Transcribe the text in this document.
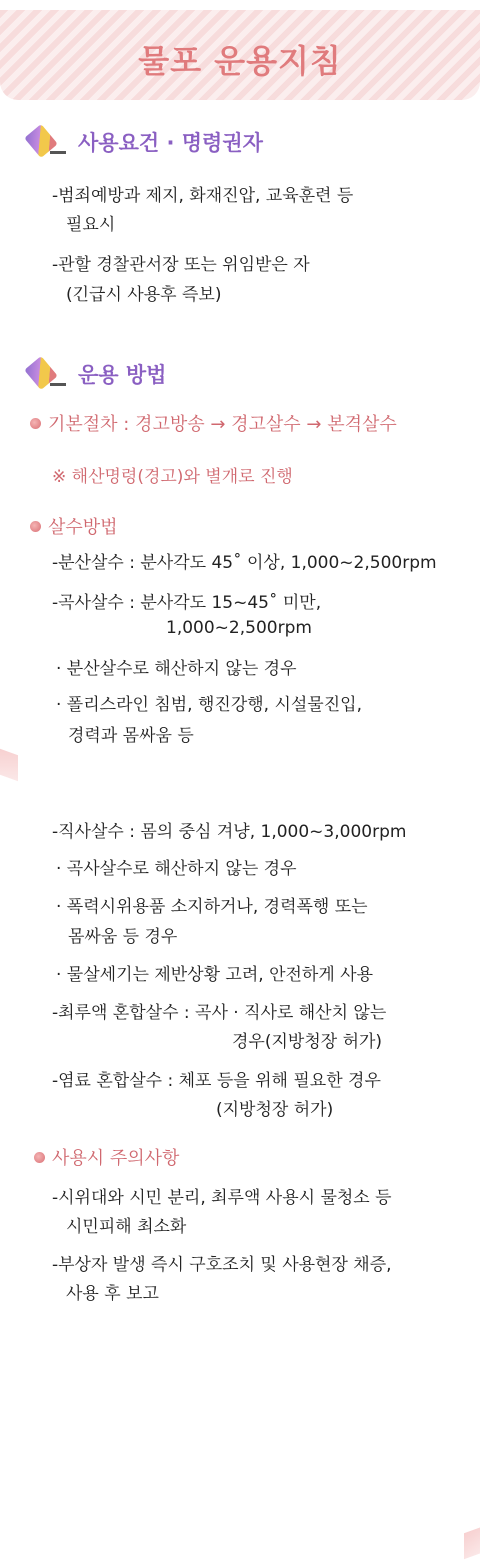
물포 운용지침
사용요건 · 명령권자
-범죄예방과 제지, 화재진압, 교육훈련 등
필요시
-관할 경찰관서장 또는 위임받은 자
(긴급시 사용후 즉보)
운용 방법
기본절차 : 경고방송 → 경고살수 → 본격살수
※ 해산명령(경고)와 별개로 진행
살수방법
-분산살수 : 분사각도 45˚ 이상, 1,000~2,500rpm
-곡사살수 : 분사각도 15~45˚ 미만,
1,000~2,500rpm
· 분산살수로 해산하지 않는 경우
· 폴리스라인 침범, 행진강행, 시설물진입,
경력과 몸싸움 등
-직사살수 : 몸의 중심 겨냥, 1,000~3,000rpm
· 곡사살수로 해산하지 않는 경우
· 폭력시위용품 소지하거나, 경력폭행 또는
몸싸움 등 경우
· 물살세기는 제반상황 고려, 안전하게 사용
-최루액 혼합살수 : 곡사 · 직사로 해산치 않는
경우(지방청장 허가)
-염료 혼합살수 : 체포 등을 위해 필요한 경우
(지방청장 허가)
사용시 주의사항
-시위대와 시민 분리, 최루액 사용시 물청소 등
시민피해 최소화
-부상자 발생 즉시 구호조치 및 사용현장 채증,
사용 후 보고
